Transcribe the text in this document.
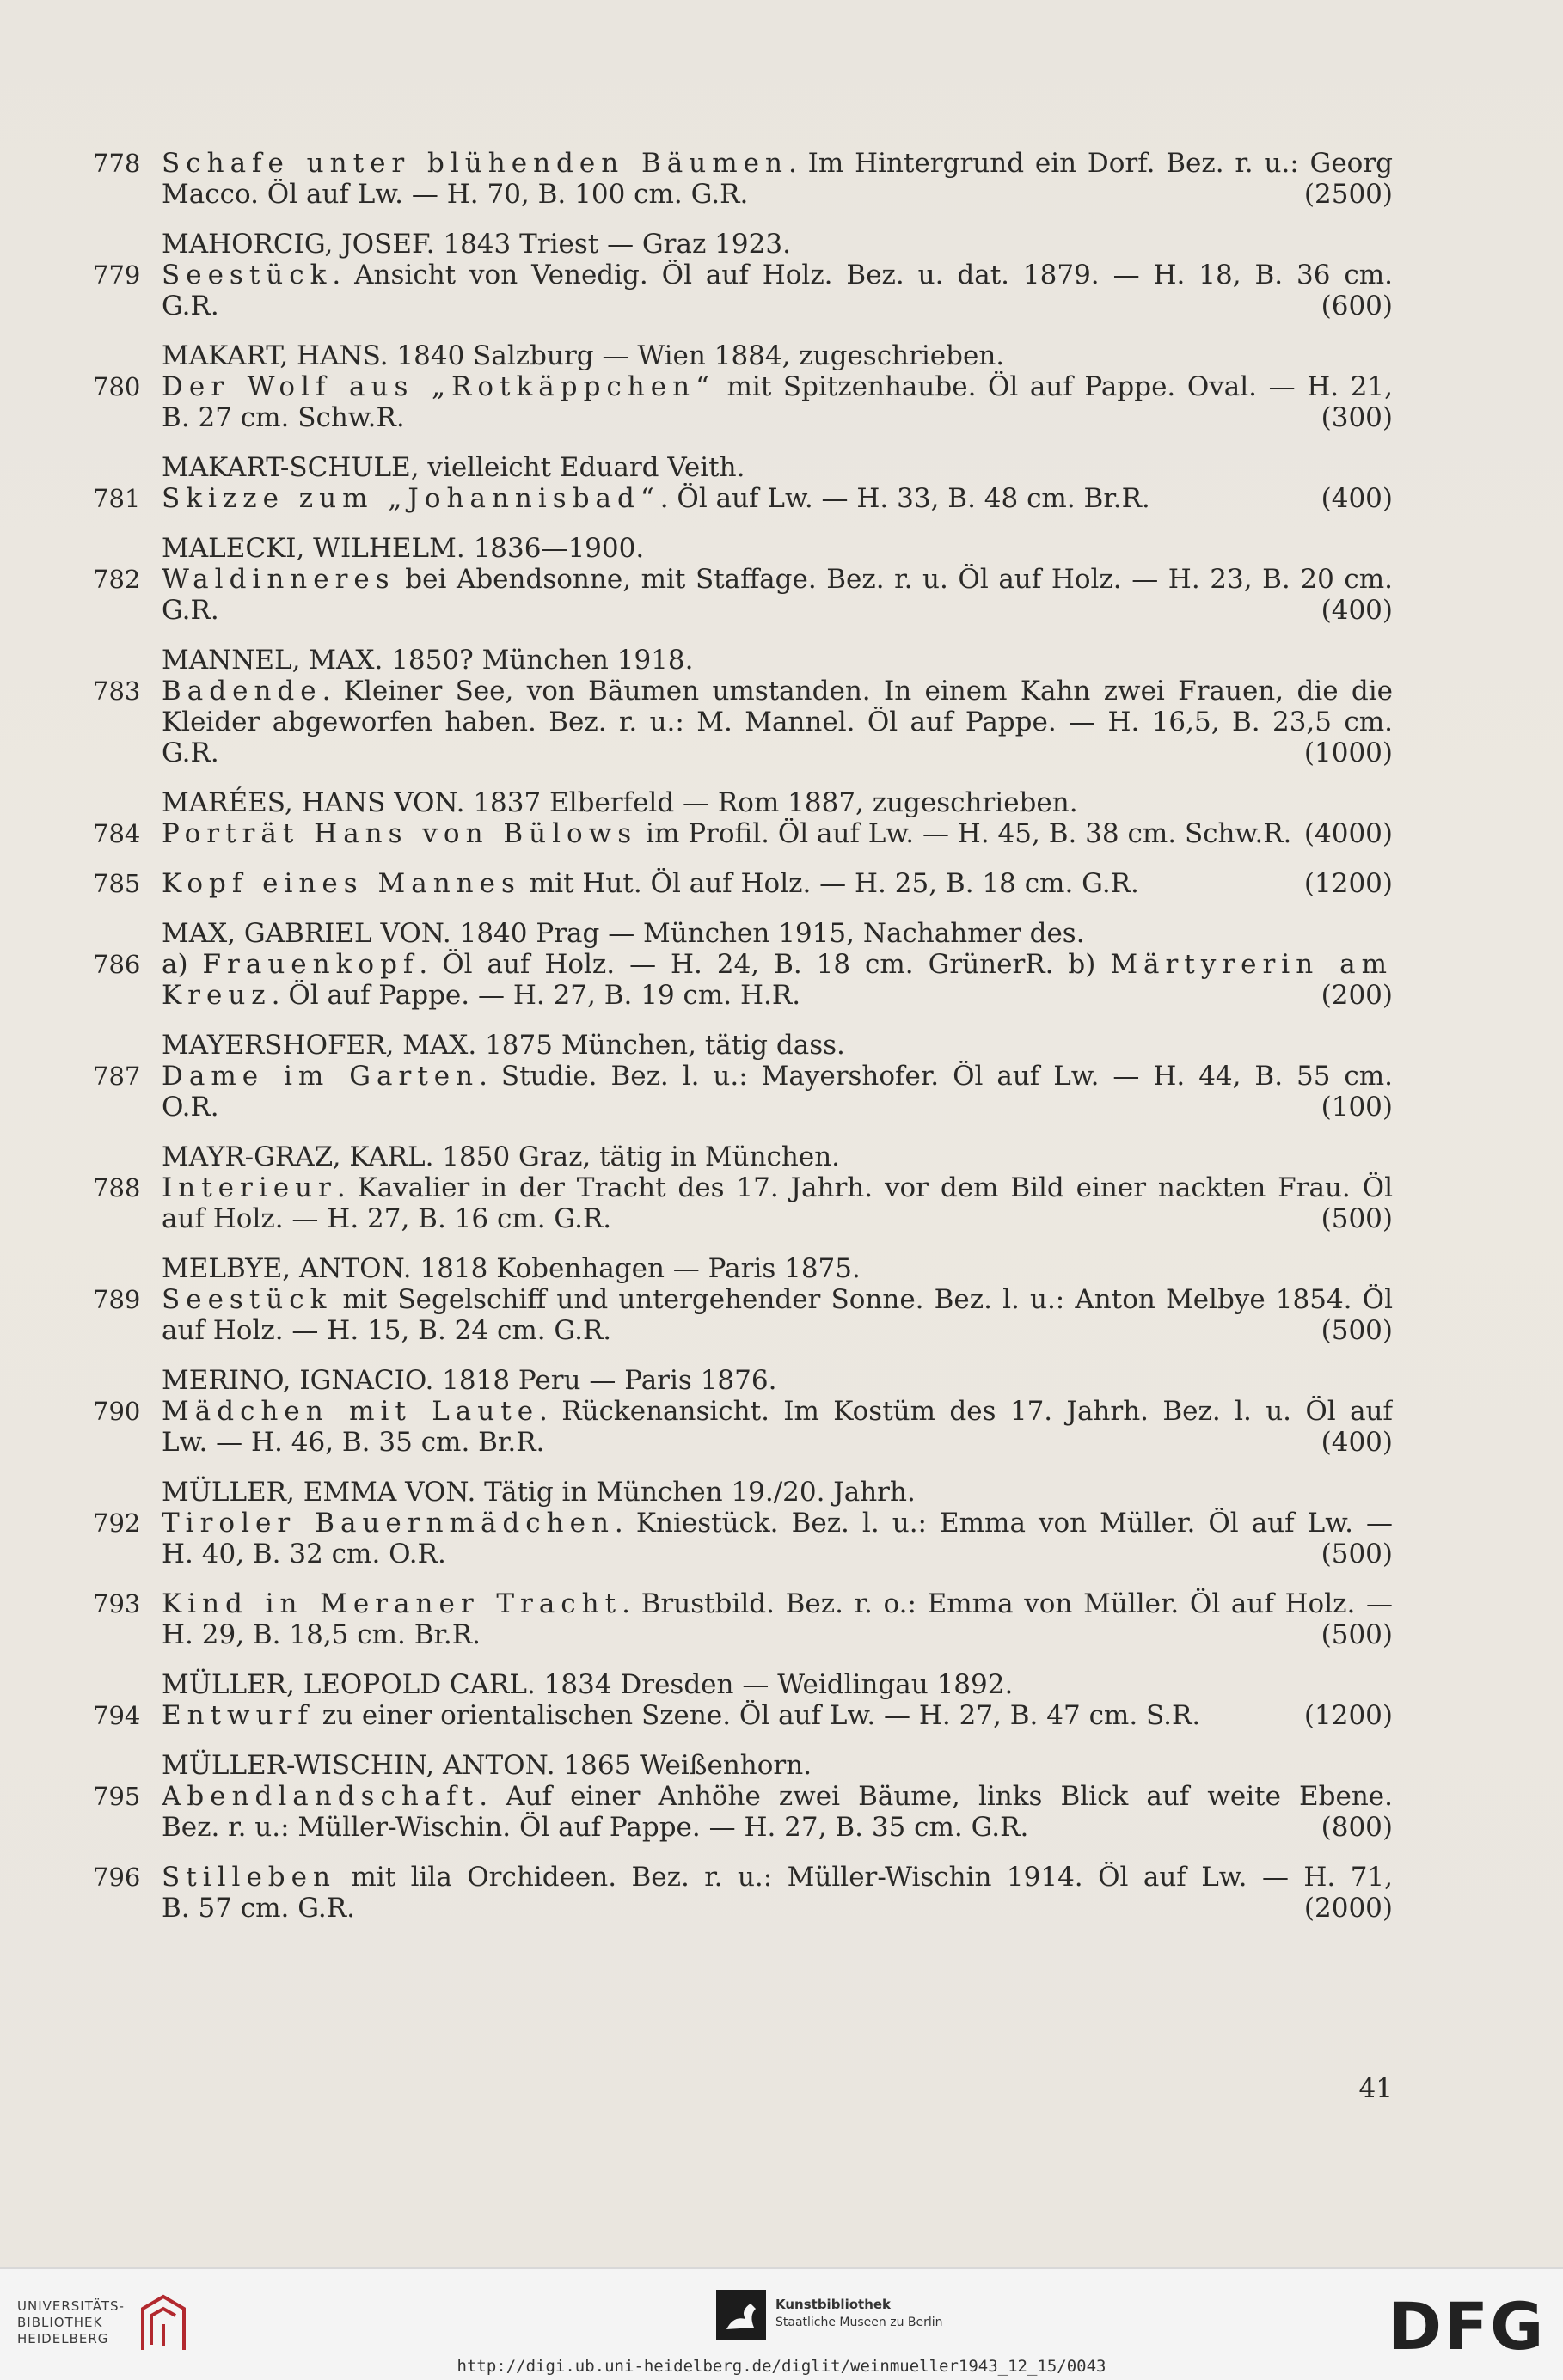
778 Schafe unter blühenden Bäumen. Im Hintergrund ein Dorf. Bez. r. u.: Georg
Macco. Öl auf Lw. — H. 70, B. 100 cm. G.R.	(2500)
MAHORCIG, JOSEF. 1843 Triest — Graz 1923.
779 Seestück. Ansicht von Venedig. Öl auf Holz. Bez. u. dat. 1879. — H. 18, B. 36 cm.
G.R.	(600)
MAKART, HANS. 1840 Salzburg — Wien 1884, zugeschrieben.
780 Der Wolf aus „Rotkäppchen“ mit Spitzenhaube. Öl auf Pappe. Oval. — H. 21,
B. 27 cm. Schw.R.	(300)
MAKART-SCHULE, vielleicht Eduard Veith.
781 Skizze zum „Johannisbad“. Öl auf Lw. — H. 33, B. 48 cm. Br.R.	(400)
MALECKI, WILHELM. 1836—1900.
782 Waldinneres bei Abendsonne, mit Staffage. Bez. r. u. Öl auf Holz. — H. 23, B. 20 cm.
G.R.	(400)
MANNEL, MAX. 1850? München 1918.
783 Badende. Kleiner See, von Bäumen umstanden. In einem Kahn zwei Frauen, die die
Kleider abgeworfen haben. Bez. r. u.: M. Mannel. Öl auf Pappe. — H. 16,5, B. 23,5 cm.
G.R.	(1000)
MARÉES, HANS VON. 1837 Elberfeld — Rom 1887, zugeschrieben.
784 Porträt Hans von Bülows im Profil. Öl auf Lw. — H. 45, B. 38 cm. Schw.R. (4000)
785 Kopf eines Mannes mit Hut. Öl auf Holz. — H. 25, B. 18 cm. G.R.	(1200)
MAX, GABRIEL VON. 1840 Prag — München 1915, Nachahmer des.
786 a) Frauenkopf. Öl auf Holz. — H. 24, B. 18 cm. GrünerR. b) Märtyrerin am
Kreuz. Öl auf Pappe. — H. 27, B. 19 cm. H.R.	(200)
MAYERSHOFER, MAX. 1875 München, tätig dass.
787 Dame im Garten. Studie. Bez. l. u.: Mayershofer. Öl auf Lw. — H. 44, B. 55 cm.
O.R.	(100)
MAYR-GRAZ, KARL. 1850 Graz, tätig in München.
788 Interieur. Kavalier in der Tracht des 17. Jahrh. vor dem Bild einer nackten Frau. Öl
auf Holz. — H. 27, B. 16 cm. G.R.	(500)
MELBYE, ANTON. 1818 Kobenhagen — Paris 1875.
789 Seestück mit Segelschiff und untergehender Sonne. Bez. l. u.: Anton Melbye 1854. Öl
auf Holz. — H. 15, B. 24 cm. G.R.	(500)
MERINO, IGNACIO. 1818 Peru — Paris 1876.
790 Mädchen mit Laute. Rückenansicht. Im Kostüm des 17. Jahrh. Bez. l. u. Öl auf
Lw. — H. 46, B. 35 cm. Br.R.	(400)
MÜLLER, EMMA VON. Tätig in München 19./20. Jahrh.
792 Tiroler Bauernmädchen. Kniestück. Bez. l. u.: Emma von Müller. Öl auf Lw. —
H. 40, B. 32 cm. O.R.	(500)
793 Kind in Meraner Tracht. Brustbild. Bez. r. o.: Emma von Müller. Öl auf Holz. —
H. 29, B. 18,5 cm. Br.R.	(500)
MÜLLER, LEOPOLD CARL. 1834 Dresden — Weidlingau 1892.
794 Entwurf zu einer orientalischen Szene. Öl auf Lw. — H. 27, B. 47 cm. S.R.	(1200)
MÜLLER-WISCHIN, ANTON. 1865 Weißenhorn.
795 Abendlandschaft. Auf einer Anhöhe zwei Bäume, links Blick auf weite Ebene.
Bez. r. u.: Müller-Wischin. Öl auf Pappe. — H. 27, B. 35 cm. G.R.	(800)
796 Stilleben mit lila Orchideen. Bez. r. u.: Müller-Wischin 1914. Öl auf Lw. — H. 71,
B. 57 cm. G.R.	(2000)
41
UNIVERSITÄTS-
BIBLIOTHEK
HEIDELBERG
Kunstbibliothek
Staatliche Museen zu Berlin	DFG
http://digi.ub.uni-heidelberg.de/diglit/weinmueller1943_12_15/0043
